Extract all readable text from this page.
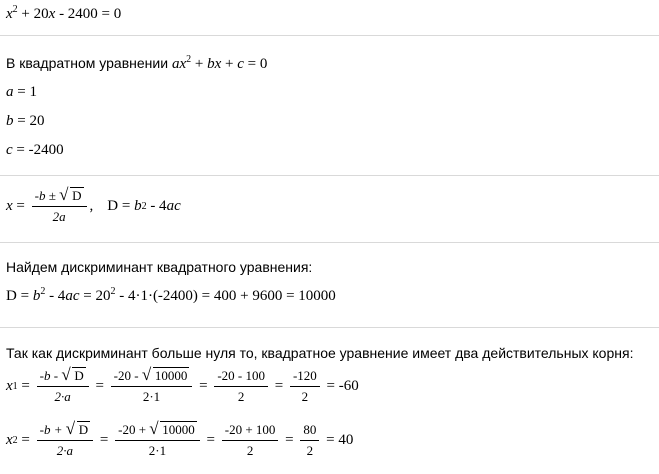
$x^2 + 20x - 2400 = 0$
В квадратном уравнении $ax^2$ + bx + c = 0
a = 1
b = 20
c = -2400
$x = \frac{-b \pm √ D}{2a}$ , D = b 2 - 4 ac
Найдем дискриминант квадратного уравнения:
$D = b^2 - 4ac = 20^2 - 4\cdot 1\cdot(-2400) = 400 + 9600 = 10000$
Так как дискриминант больше нуля то, квадратное уравнение имеет два действительных корня:
x $1 = \frac{-b - √ D}{2\cdot a} = \frac{-20 - √ 10000}{2\cdot 1} = \frac{-20 - 100}{2} = \frac{-120}{2} = -60$
x $2 = \frac{-b + √ D}{2\cdot a} = \frac{-20 + √ 10000}{2\cdot 1} = \frac{-20 + 100}{2} = \frac{80}{2} = 40$
